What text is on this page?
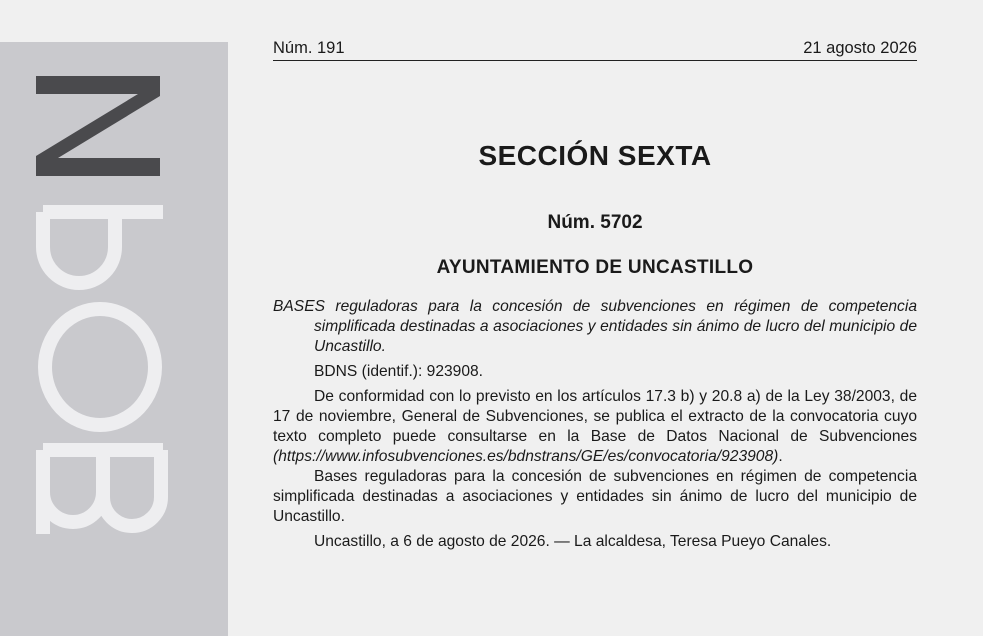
Núm. 191	21 agosto 2026
SECCIÓN SEXTA
Núm. 5702
AYUNTAMIENTO DE UNCASTILLO

BASES reguladoras para la concesión de subvenciones en régimen de competencia simplificada destinadas a asociaciones y entidades sin ánimo de lucro del municipio de Uncastillo.

BDNS (identif.): 923908.

De conformidad con lo previsto en los artículos 17.3 b) y 20.8 a) de la Ley 38/2003, de 17 de noviembre, General de Subvenciones, se publica el extracto de la convocatoria cuyo texto completo puede consultarse en la Base de Datos Nacional de Subvenciones (https://www.infosubvenciones.es/bdnstrans/GE/es/convocatoria/923908).

Bases reguladoras para la concesión de subvenciones en régimen de competencia simplificada destinadas a asociaciones y entidades sin ánimo de lucro del municipio de Uncastillo.

Uncastillo, a 6 de agosto de 2026. — La alcaldesa, Teresa Pueyo Canales.
